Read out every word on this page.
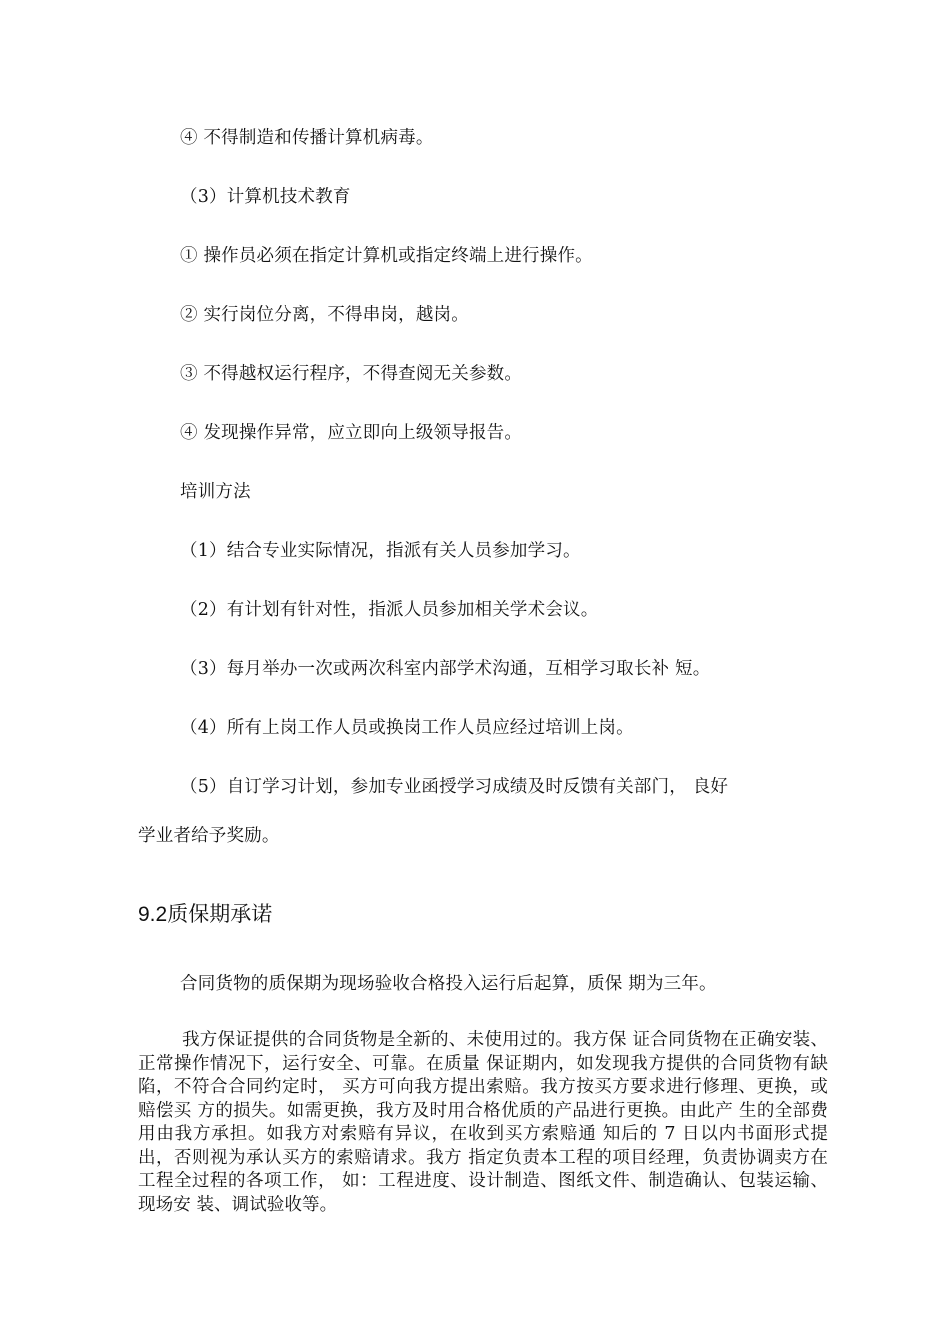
④ 不得制造和传播计算机病毒。
（3）计算机技术教育
① 操作员必须在指定计算机或指定终端上进行操作。
② 实行岗位分离，不得串岗，越岗。
③ 不得越权运行程序，不得查阅无关参数。
④ 发现操作异常，应立即向上级领导报告。
培训方法
（1）结合专业实际情况，指派有关人员参加学习。
（2）有计划有针对性，指派人员参加相关学术会议。
（3）每月举办一次或两次科室内部学术沟通，互相学习取长补 短。
（4）所有上岗工作人员或换岗工作人员应经过培训上岗。
（5）自订学习计划，参加专业函授学习成绩及时反馈有关部门， 良好
学业者给予奖励。
9.2质保期承诺
合同货物的质保期为现场验收合格投入运行后起算，质保 期为三年。
我方保证提供的合同货物是全新的、未使用过的。我方保 证合同货物在正确安装、正常操作情况下，运行安全、可靠。在质量 保证期内，如发现我方提供的合同货物有缺陷，不符合合同约定时， 买方可向我方提出索赔。我方按买方要求进行修理、更换，或赔偿买 方的损失。如需更换，我方及时用合格优质的产品进行更换。由此产 生的全部费用由我方承担。如我方对索赔有异议，在收到买方索赔通 知后的 7 日以内书面形式提出，否则视为承认买方的索赔请求。我方 指定负责本工程的项目经理，负责协调卖方在工程全过程的各项工作， 如：工程进度、设计制造、图纸文件、制造确认、包装运输、现场安 装、调试验收等。
